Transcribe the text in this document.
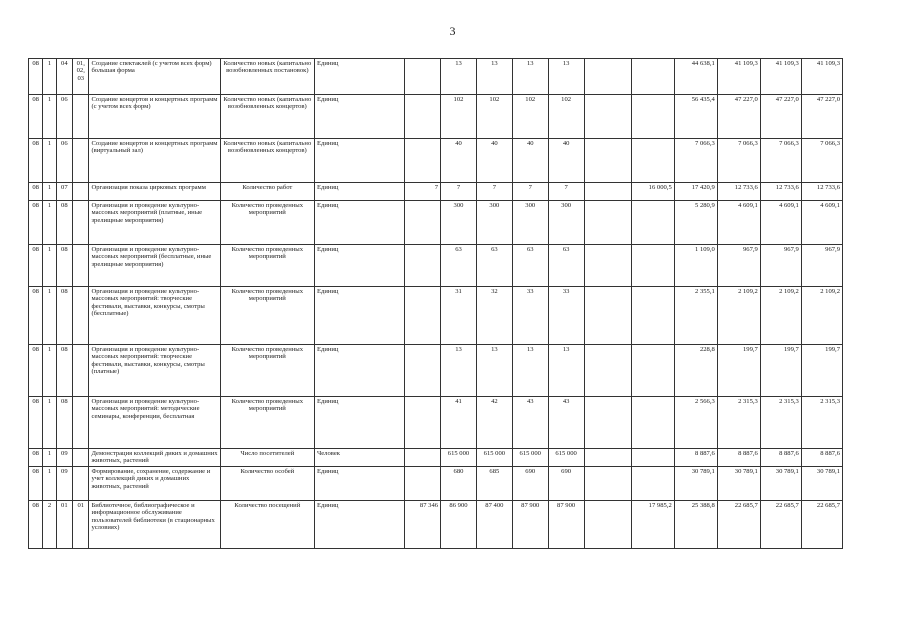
3
08	1	04	01,
02,
03	Создание спектаклей (с учетом всех форм) большая форма	Количество новых (капитально возобновленных постановок)	Единиц		13	13	13	13			44 638,1	41 109,3	41 109,3	41 109,3
08	1	06		Создание концертов и концертных программ (с учетом всех форм)	Количество новых (капитально возобновленных концертов)	Единиц		102	102	102	102			56 435,4	47 227,0	47 227,0	47 227,0
08	1	06		Создание концертов и концертных программ (виртуальный зал)	Количество новых (капитально возобновленных концертов)	Единиц		40	40	40	40			7 066,3	7 066,3	7 066,3	7 066,3
08	1	07		Организация показа цирковых программ	Количество работ	Единиц	7	7	7	7	7		16 000,5	17 420,9	12 733,6	12 733,6	12 733,6
08	1	08		Организация и проведение культурно-массовых мероприятий (платные, иные зрелищные мероприятия)	Количество проведенных мероприятий	Единиц		300	300	300	300			5 280,9	4 609,1	4 609,1	4 609,1
08	1	08		Организация и проведение культурно-массовых мероприятий (бесплатные, иные зрелищные мероприятия)	Количество проведенных мероприятий	Единиц		63	63	63	63			1 109,0	967,9	967,9	967,9
08	1	08		Организация и проведение культурно-массовых мероприятий: творческие фестивали, выставки, конкурсы, смотры (бесплатные)	Количество проведенных мероприятий	Единиц		31	32	33	33			2 355,1	2 109,2	2 109,2	2 109,2
08	1	08		Организация и проведение культурно-массовых мероприятий: творческие фестивали, выставки, конкурсы, смотры (платные)	Количество проведенных мероприятий	Единиц		13	13	13	13			228,8	199,7	199,7	199,7
08	1	08		Организация и проведение культурно-массовых мероприятий: методические семинары, конференции, бесплатная	Количество проведенных мероприятий	Единиц		41	42	43	43			2 566,3	2 315,3	2 315,3	2 315,3
08	1	09		Демонстрация коллекций диких и домашних животных, растений	Число посетителей	Человек		615 000	615 000	615 000	615 000			8 887,6	8 887,6	8 887,6	8 887,6
08	1	09		Формирование, сохранение, содержание и учет коллекций диких и домашних животных, растений	Количество особей	Единиц		680	685	690	690			30 789,1	30 789,1	30 789,1	30 789,1
08	2	01	01	Библиотечное, библиографическое и информационное обслуживание пользователей библиотеки (в стационарных условиях)	Количество посещений	Единиц	87 346	86 900	87 400	87 900	87 900		17 985,2	25 388,8	22 685,7	22 685,7	22 685,7
